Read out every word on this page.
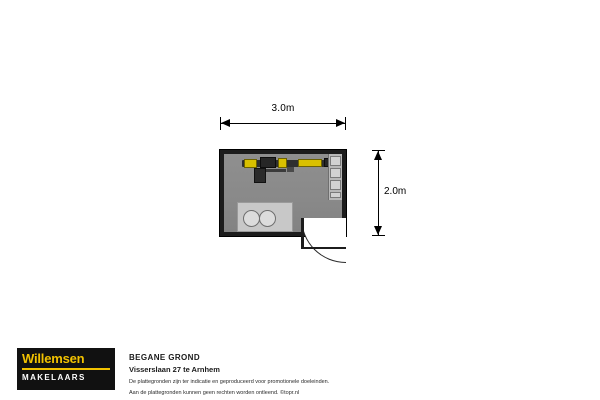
3.0m
2.0m
Willemsen
MAKELAARS
BEGANE GROND
Visserslaan 27 te Arnhem
De plattegronden zijn ter indicatie en geproduceerd voor promotionele doeleinden.
Aan de plattegronden kunnen geen rechten worden ontleend. ©topr.nl
